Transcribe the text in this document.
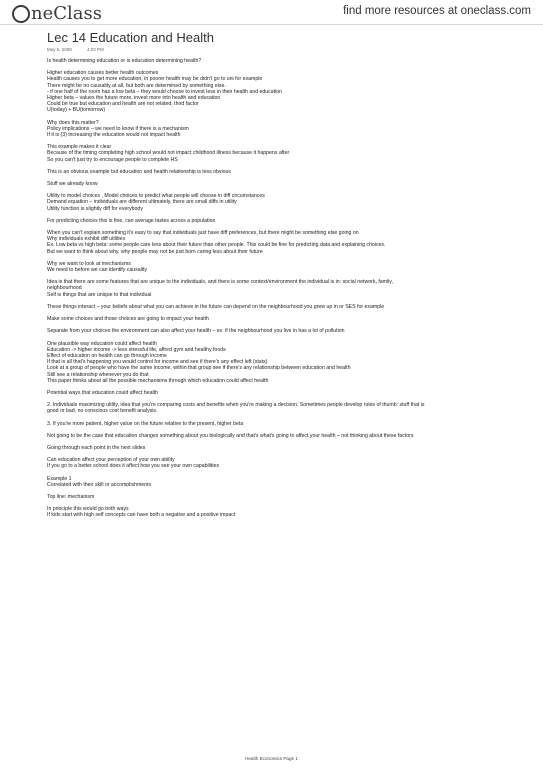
neClass	find more resources at oneclass.com
Lec 14 Education and Health
May 6, 2008	4:03 PM
Is health determining education or is education determining health?
Higher education causes better health outcomes
Health causes you to get more education, in poorer health may be didn't go to uni for example
There might be no causality at all, but both are determined by something else.
- if one half of the room has a low beta – they would choose to invest less in their health and education
Higher beta – values the future more, invest more into health and education
Could be true but education and health are not related, third factor
U(today) + BU(tomorrow)
Why does this matter?
Policy implications – we need to know if there is a mechanism
If it is (3) increasing the education would not impact health
This example makes it clear
Because of the timing completing high school would not impact childhood illness because it happens after
So you can't just try to encourage people to complete HS
This is an obvious example but education and health relationship is less obvious
Stuff we already know
Utility to model choices , Model choices to predict what people will choose in diff circumstances
Demand equation – individuals are different ultimately, there are small diffs in utility
Utility function is slightly diff for everybody
For predicting choices this is fine, can average tastes across a population
When you can't explain something it's easy to say that individuals just have diff preferences, but there might be something else going on
Why individuals exhibit diff utilities
Ex. Low beta vs high beta: some people care less about their future than other people. This could be fine for predicting data and explaining choices.
But we want to think about why, why people may not be just born caring less about their future
Why we want to look at mechanisms
We need to before we can identify causality
Idea is that there are some features that are unique to the individuals, and there is some context/environment the individual is in: social network, family,
neighbourhood
Self is things that are unique to that individual
These things interact – your beliefs about what you can achieve in the future can depend on the neighbourhood you grew up in or SES for example
Make some choices and those choices are going to impact your health
Separate from your choices the environment can also affect your health – ex. if the neighbourhood you live in has a lot of pollution
One plausible way education could affect health
Education -> higher income -> less stressful life, afford gym and healthy foods
Effect of education on health can go through income
If that is all that's happening you would control for income and see if there's any effect left (stats)
Look at a group of people who have the same income, within that group see if there's any relationship between education and health
Still see a relationship whenever you do that
This paper thinks about all the possible mechanisms through which education could affect health
Potential ways that education could affect health
2. Individuals maximizing utility, idea that you're comparing costs and benefits when you're making a decision. Sometimes people develop rules of thumb: stuff that is
good or bad, no conscious cost benefit analysis.
3. If you're more patient, higher value on the future relative to the present, higher beta
Not going to be the case that education changes something about you biologically and that's what's going to affect your health – not thinking about these factors
Going through each point in the next slides
Can education affect your perception of your own ability
If you go to a better school does it affect how you see your own capabilities
Example 1
Correlated with their skill or accomplishments
Top line: mechanism
In principle this would go both ways
If kids start with high self concepts can have both a negative and a positive impact
Health Economics Page 1
